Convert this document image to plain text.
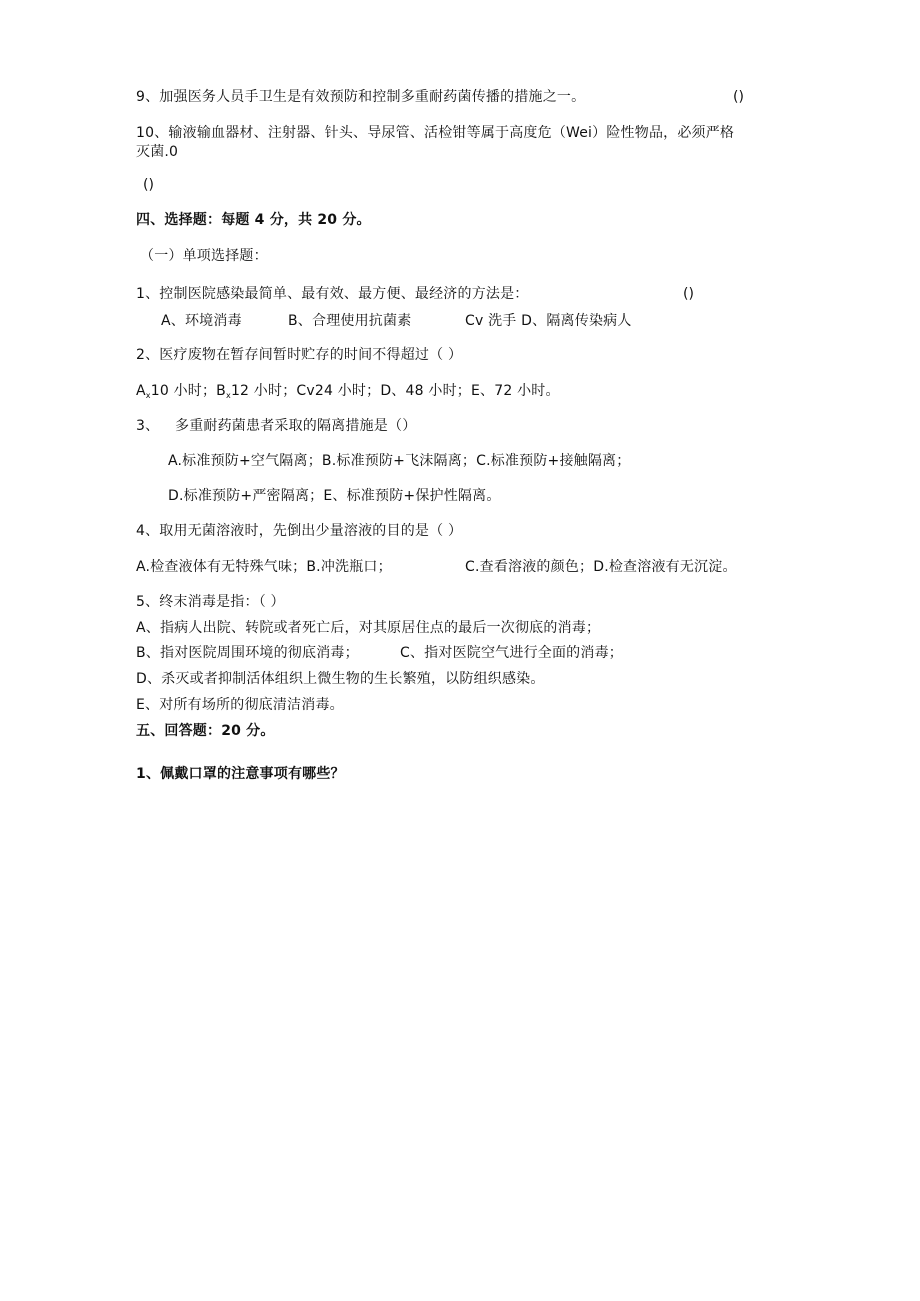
9、加强医务人员手卫生是有效预防和控制多重耐药菌传播的措施之一。	()
10、输液输血器材、注射器、针头、导尿管、活检钳等属于高度危（Wei）险性物品，必须严格
灭菌.0
()
四、选择题：每题 4 分，共 20 分。
（一）单项选择题：
1、控制医院感染最简单、最有效、最方便、最经济的方法是：	()
A、环境消毒	B、合理使用抗菌素	Cv 洗手 D、隔离传染病人
2、医疗废物在暂存间暂时贮存的时间不得超过（ ）
$A_x10$ 小时；$B_x12$ 小时；Cv24 小时；D、48 小时；E、72 小时。
3、 多重耐药菌患者采取的隔离措施是（）
A.标准预防+空气隔离；B.标准预防+飞沫隔离；C.标准预防+接触隔离；
D.标准预防+严密隔离；E、标准预防+保护性隔离。
4、取用无菌溶液时，先倒出少量溶液的目的是（ ）
A.检查液体有无特殊气味；B.冲洗瓶口；	C.查看溶液的颜色；D.检查溶液有无沉淀。
5、终末消毒是指：（ ）
A、指病人出院、转院或者死亡后，对其原居住点的最后一次彻底的消毒；
B、指对医院周围环境的彻底消毒；	C、指对医院空气进行全面的消毒；
D、杀灭或者抑制活体组织上微生物的生长繁殖，以防组织感染。
E、对所有场所的彻底清洁消毒。
五、回答题：20 分。
1、佩戴口罩的注意事项有哪些？
